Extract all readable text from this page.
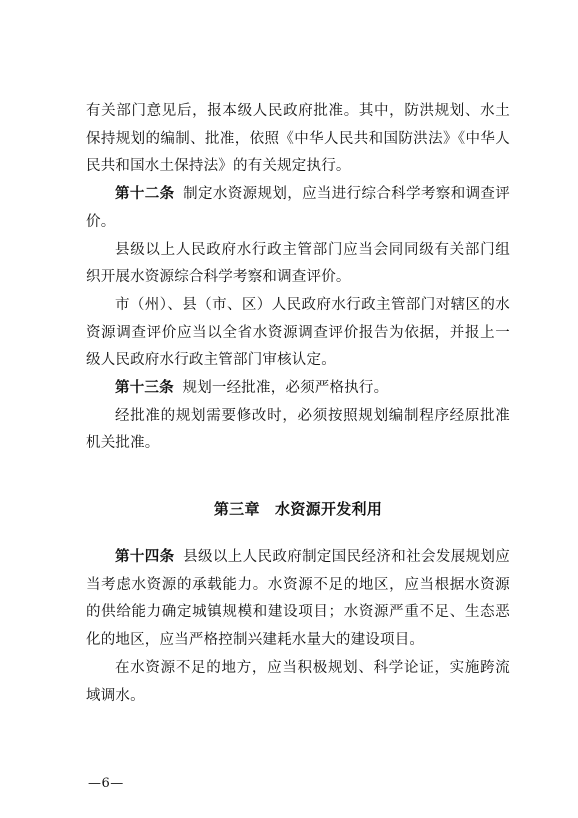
有关部门意见后，报本级人民政府批准。其中，防洪规划、水土保持规划的编制、批准，依照《中华人民共和国防洪法》《中华人民共和国水土保持法》的有关规定执行。

第十二条 制定水资源规划，应当进行综合科学考察和调查评价。

县级以上人民政府水行政主管部门应当会同同级有关部门组织开展水资源综合科学考察和调查评价。

市（州）、县（市、区）人民政府水行政主管部门对辖区的水资源调查评价应当以全省水资源调查评价报告为依据，并报上一级人民政府水行政主管部门审核认定。

第十三条 规划一经批准，必须严格执行。

经批准的规划需要修改时，必须按照规划编制程序经原批准机关批准。

第三章　水资源开发利用

第十四条 县级以上人民政府制定国民经济和社会发展规划应当考虑水资源的承载能力。水资源不足的地区，应当根据水资源的供给能力确定城镇规模和建设项目；水资源严重不足、生态恶化的地区，应当严格控制兴建耗水量大的建设项目。

在水资源不足的地方，应当积极规划、科学论证，实施跨流域调水。

—6—
